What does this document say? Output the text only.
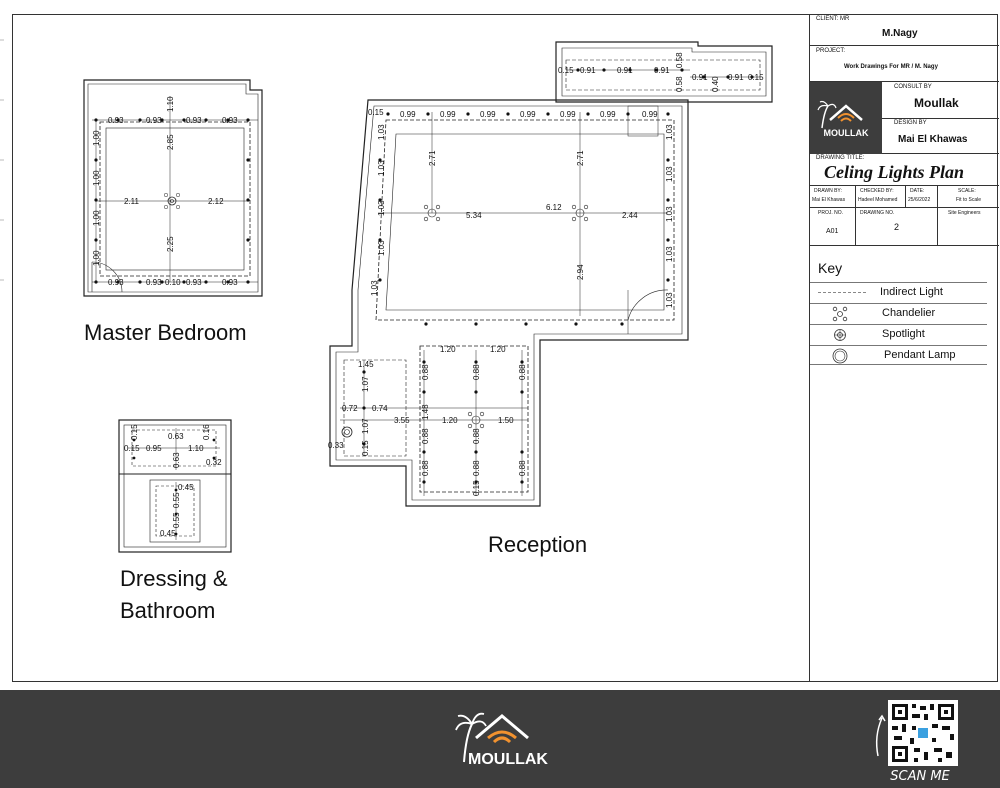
0.93	0.93	0.93	0.93
0.93	0.93 0.10 0.93	0.93
2.11	2.12
1.00
1.00
1.00
1.00
1.10
2.85
2.25
0.15 0.99	0.99	0.99	0.99	0.99	0.99	0.99
1.03
1.03
1.03
1.03
1.03	1.03
1.03
1.03
1.03
1.03
5.34
6.12
2.44
2.71	2.71
2.94
0.15 0.91	0.91	0.91
0.58 0.91 0.40 0.91 0.15
0.58
1.20	1.20
0.72 0.74
3.55	1.20	1.50
1.45
0.33
0.88
0.88
0.88
0.88
0.88
0.88
0.88
0.88
1.07
1.07
1.48
0.15
0.15
0.15 0.95
0.63
1.10
0.63	0.32
0.15
0.45
0.55
0.55
0.45
0.16
Master Bedroom
Dressing &
Bathroom
Reception
CLIENT: MR
M.Nagy
PROJECT:
Work Drawings For MR / M. Nagy
MOULLAK
CONSULT BY
Moullak
DESIGN BY
Mai El Khawas
DRAWING TITLE:
Celing Lights Plan
DRAWN BY:
Mai El Khawas
CHECKED BY:
Hadeel Mohamed
DATE:
25/6/2022
SCALE:
Fit to Scale
PROJ. NO.
A01
DRAWING NO.
2
Site Engineers
Key
Indirect Light
Chandelier
Spotlight
Pendant Lamp
MOULLAK
SCAN ME
